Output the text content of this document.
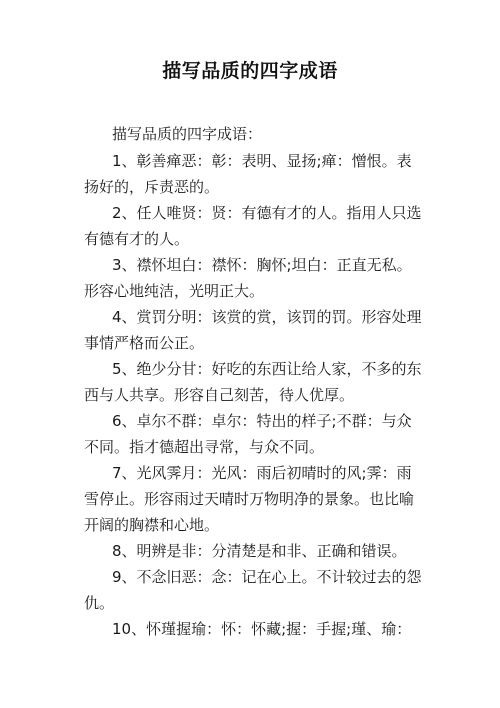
描写品质的四字成语
描写品质的四字成语：

1、彰善瘅恶：彰：表明、显扬;瘅：憎恨。表扬好的，斥责恶的。

2、任人唯贤：贤：有德有才的人。指用人只选有德有才的人。

3、襟怀坦白：襟怀：胸怀;坦白：正直无私。形容心地纯洁，光明正大。

4、赏罚分明：该赏的赏，该罚的罚。形容处理事情严格而公正。

5、绝少分甘：好吃的东西让给人家，不多的东西与人共享。形容自己刻苦，待人优厚。

6、卓尔不群：卓尔：特出的样子;不群：与众不同。指才德超出寻常，与众不同。

7、光风霁月：光风：雨后初晴时的风;霁：雨雪停止。形容雨过天晴时万物明净的景象。也比喻开阔的胸襟和心地。

8、明辨是非：分清楚是和非、正确和错误。

9、不念旧恶：念：记在心上。不计较过去的怨仇。

10、怀瑾握瑜：怀：怀藏;握：手握;瑾、瑜：
